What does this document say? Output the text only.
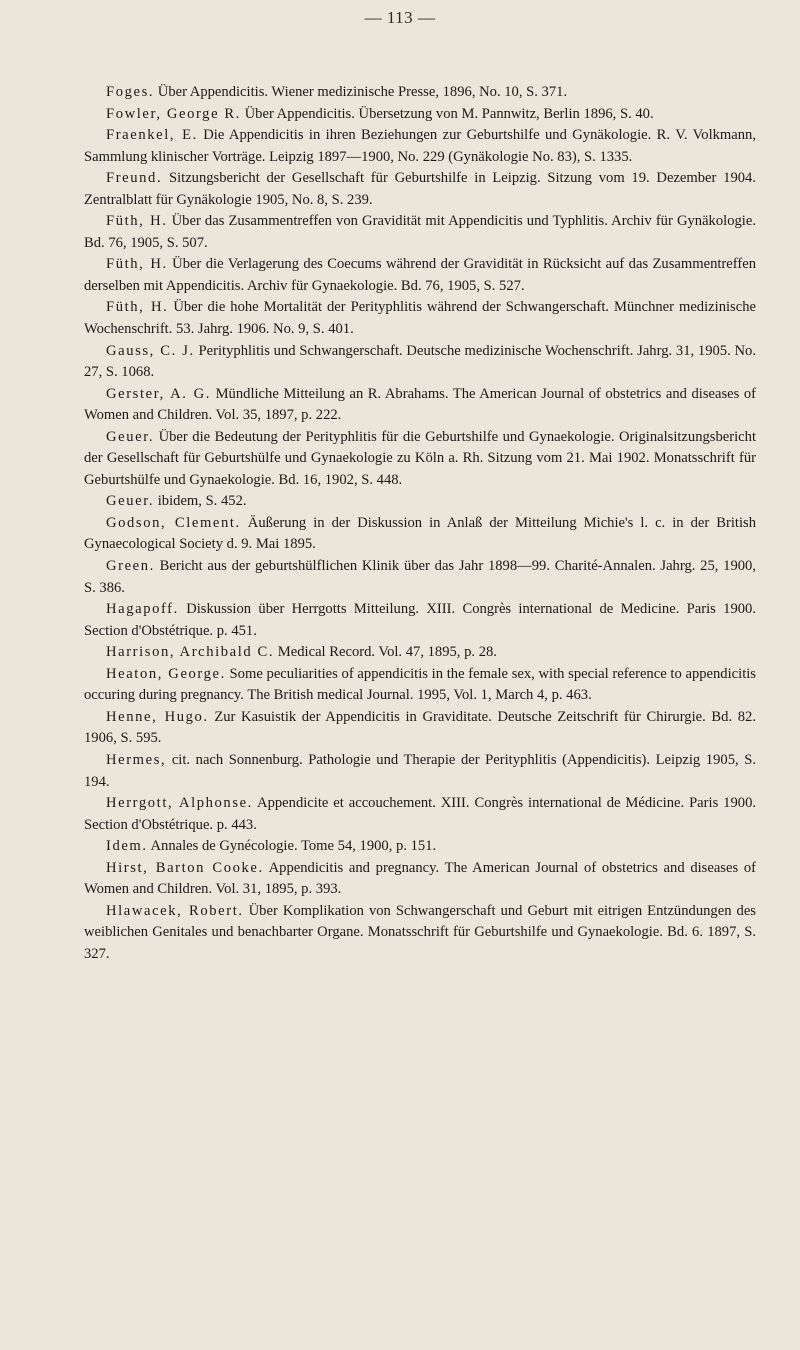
— 113 —

Foges. Über Appendicitis. Wiener medizinische Presse, 1896, No. 10, S. 371.

Fowler, George R. Über Appendicitis. Übersetzung von M. Pannwitz, Berlin 1896, S. 40.

Fraenkel, E. Die Appendicitis in ihren Beziehungen zur Geburtshilfe und Gynäkologie. R. V. Volkmann, Sammlung klinischer Vorträge. Leipzig 1897—1900, No. 229 (Gynäkologie No. 83), S. 1335.

Freund. Sitzungsbericht der Gesellschaft für Geburtshilfe in Leipzig. Sitzung vom 19. Dezember 1904. Zentralblatt für Gynäkologie 1905, No. 8, S. 239.

Füth, H. Über das Zusammentreffen von Gravidität mit Appendicitis und Typhlitis. Archiv für Gynäkologie. Bd. 76, 1905, S. 507.

Füth, H. Über die Verlagerung des Coecums während der Gravidität in Rücksicht auf das Zusammentreffen derselben mit Appendicitis. Archiv für Gynaekologie. Bd. 76, 1905, S. 527.

Füth, H. Über die hohe Mortalität der Perityphlitis während der Schwangerschaft. Münchner medizinische Wochenschrift. 53. Jahrg. 1906. No. 9, S. 401.

Gauss, C. J. Perityphlitis und Schwangerschaft. Deutsche medizinische Wochenschrift. Jahrg. 31, 1905. No. 27, S. 1068.

Gerster, A. G. Mündliche Mitteilung an R. Abrahams. The American Journal of obstetrics and diseases of Women and Children. Vol. 35, 1897, p. 222.

Geuer. Über die Bedeutung der Perityphlitis für die Geburtshilfe und Gynaekologie. Originalsitzungsbericht der Gesellschaft für Geburtshülfe und Gynaekologie zu Köln a. Rh. Sitzung vom 21. Mai 1902. Monatsschrift für Geburtshülfe und Gynaekologie. Bd. 16, 1902, S. 448.

Geuer. ibidem, S. 452.

Godson, Clement. Äußerung in der Diskussion in Anlaß der Mitteilung Michie's l. c. in der British Gynaecological Society d. 9. Mai 1895.

Green. Bericht aus der geburtshülflichen Klinik über das Jahr 1898—99. Charité-Annalen. Jahrg. 25, 1900, S. 386.

Hagapoff. Diskussion über Herrgotts Mitteilung. XIII. Congrès international de Medicine. Paris 1900. Section d'Obstétrique. p. 451.

Harrison, Archibald C. Medical Record. Vol. 47, 1895, p. 28.

Heaton, George. Some peculiarities of appendicitis in the female sex, with special reference to appendicitis occuring during pregnancy. The British medical Journal. 1995, Vol. 1, March 4, p. 463.

Henne, Hugo. Zur Kasuistik der Appendicitis in Graviditate. Deutsche Zeitschrift für Chirurgie. Bd. 82. 1906, S. 595.

Hermes, cit. nach Sonnenburg. Pathologie und Therapie der Perityphlitis (Appendicitis). Leipzig 1905, S. 194.

Herrgott, Alphonse. Appendicite et accouchement. XIII. Congrès international de Médicine. Paris 1900. Section d'Obstétrique. p. 443.

Idem. Annales de Gynécologie. Tome 54, 1900, p. 151.

Hirst, Barton Cooke. Appendicitis and pregnancy. The American Journal of obstetrics and diseases of Women and Children. Vol. 31, 1895, p. 393.

Hlawacek, Robert. Über Komplikation von Schwangerschaft und Geburt mit eitrigen Entzündungen des weiblichen Genitales und benachbarter Organe. Monatsschrift für Geburtshilfe und Gynaekologie. Bd. 6. 1897, S. 327.
